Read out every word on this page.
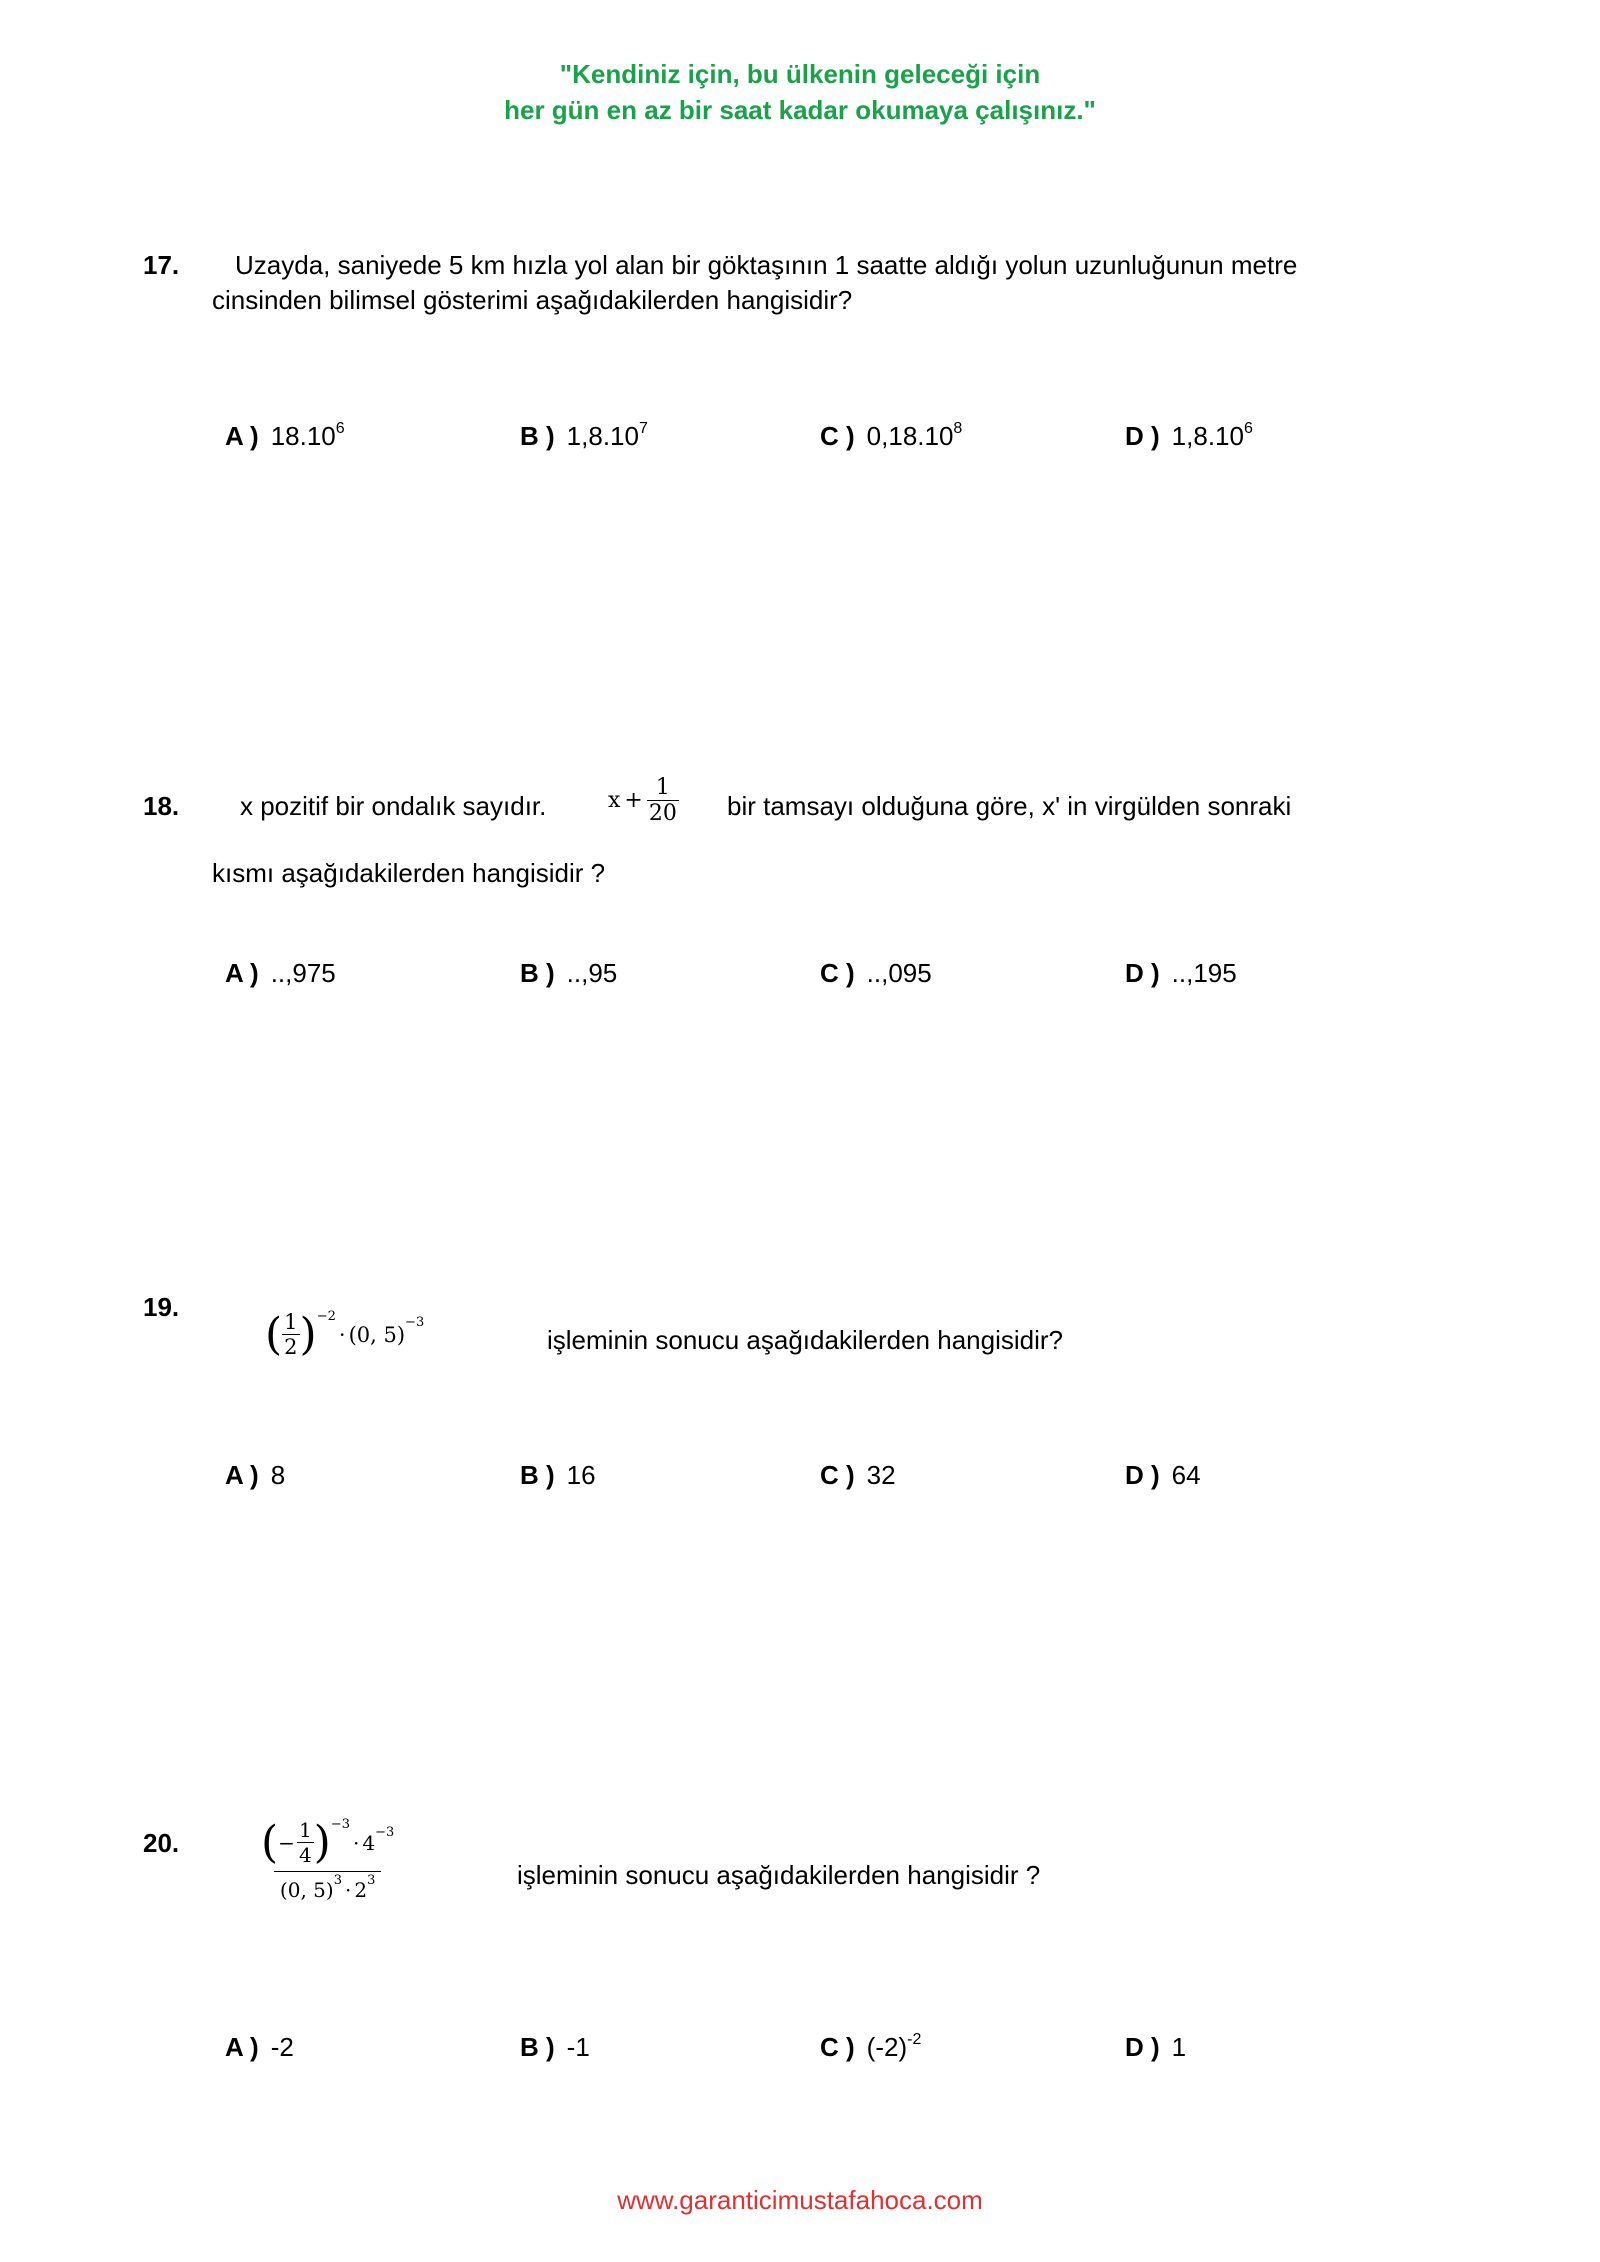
"Kendiniz için, bu ülkenin geleceği için
her gün en az bir saat kadar okumaya çalışınız."
17. Uzayda, saniyede 5 km hızla yol alan bir göktaşının 1 saatte aldığı yolun uzunluğunun metre
cinsinden bilimsel gösterimi aşağıdakilerden hangisidir?
A ) 18.10$^6$	B ) 1,8.10$^7$	C ) 0,18.10$^8$	D ) 1,8.10$^6$
18. x pozitif bir ondalık sayıdır.	$x + \frac{1}{20}$ bir tamsayı olduğuna göre, x' in virgülden sonraki
kısmı aşağıdakilerden hangisidir ?
A ) ..,975	B ) ..,95	C ) ..,095	D ) ..,195
19.
( $\frac{1}{2} )^{-2}$
· (0, 5)$^{-3}$
işleminin sonucu aşağıdakilerden hangisidir?
A ) 8	B ) 16	C ) 32	D ) 64
20. ( − $\frac{1}{4} )^{-3}$
· $4^{-3}$
(0, $5)^3 \cdot 2^3$	işleminin sonucu aşağıdakilerden hangisidir ?
A ) -2	B ) -1	C ) $(-2)^{-2}$	D ) 1
www.garanticimustafahoca.com
